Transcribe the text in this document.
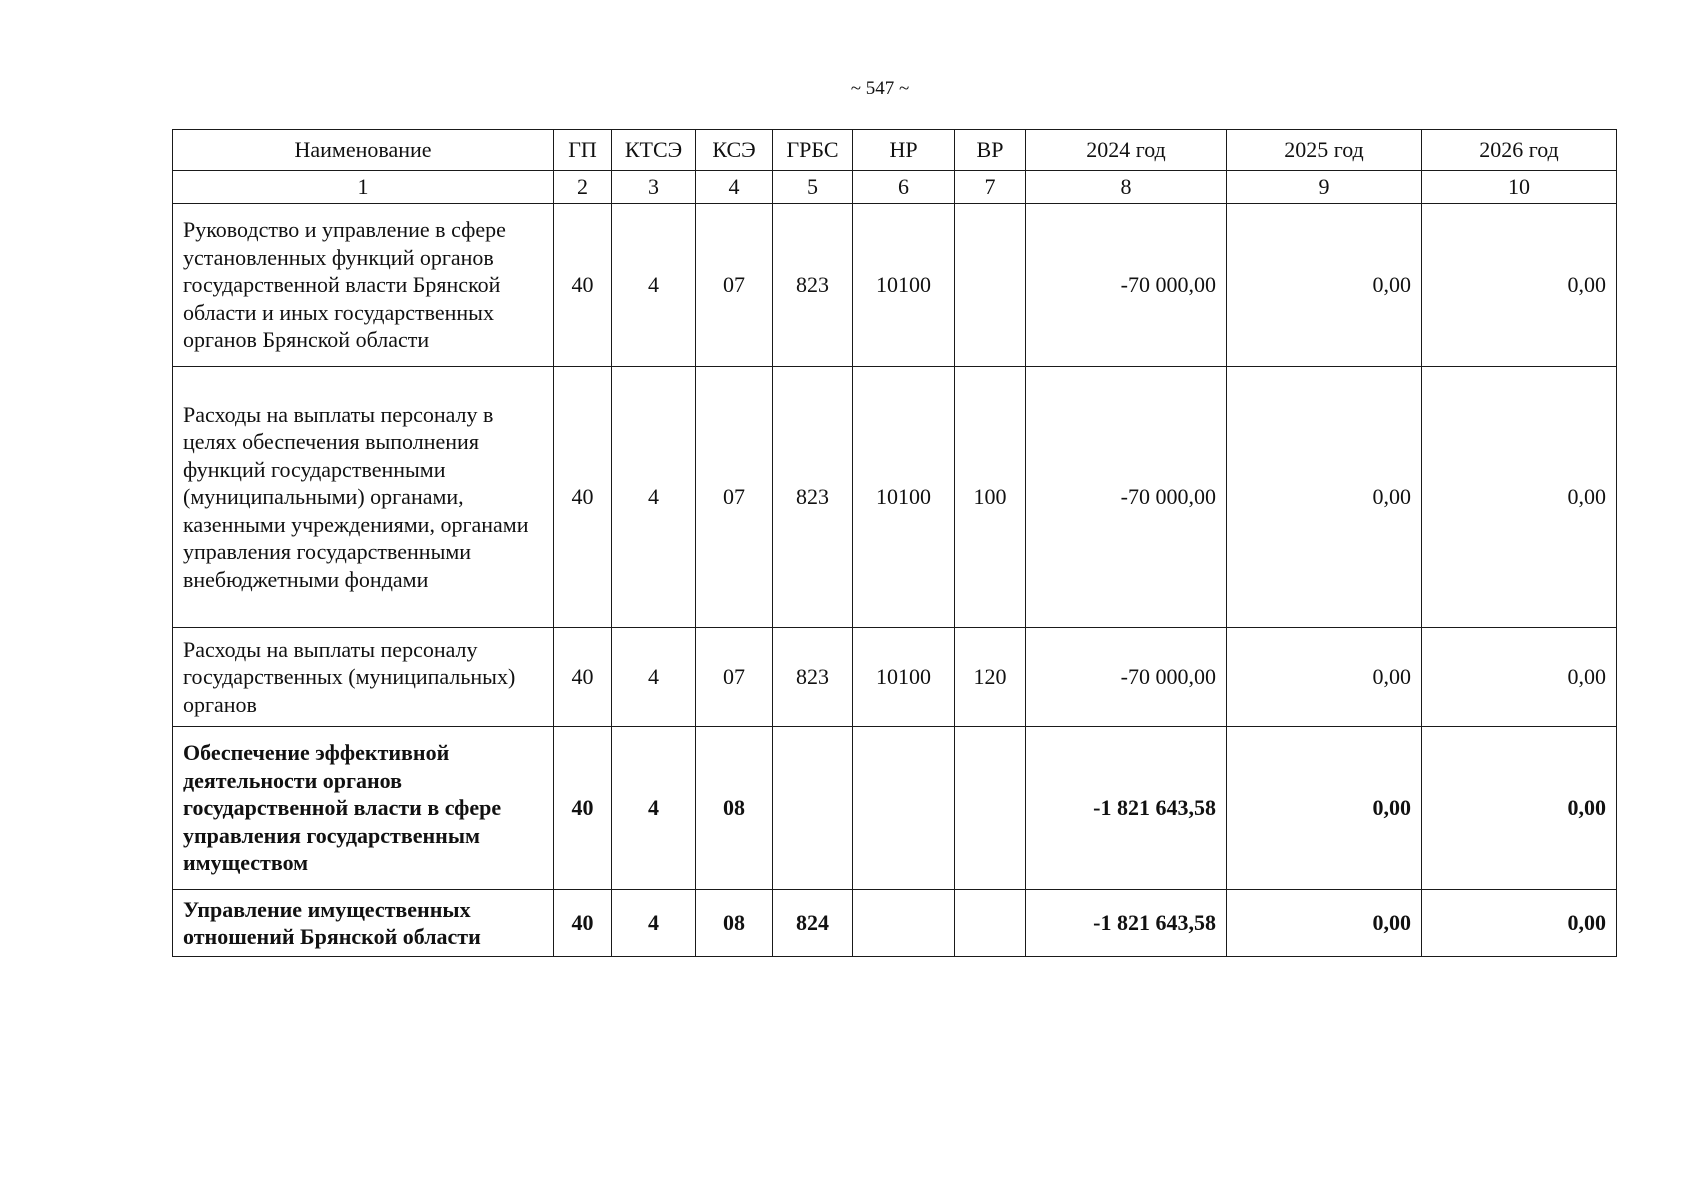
~ 547 ~
Наименование	ГП	КТСЭ	КСЭ	ГРБС	НР	ВР	2024 год	2025 год	2026 год
1	2	3	4	5	6	7	8	9	10
Руководство и управление в сфере установленных функций органов государственной власти Брянской области и иных государственных органов Брянской области	40	4	07	823	10100		-70 000,00	0,00	0,00
Расходы на выплаты персоналу в целях обеспечения выполнения функций государственными (муниципальными) органами, казенными учреждениями, органами управления государственными внебюджетными фондами	40	4	07	823	10100	100	-70 000,00	0,00	0,00
Расходы на выплаты персоналу государственных (муниципальных) органов	40	4	07	823	10100	120	-70 000,00	0,00	0,00
Обеспечение эффективной деятельности органов государственной власти в сфере управления государственным имуществом	40	4	08				-1 821 643,58	0,00	0,00
Управление имущественных отношений Брянской области	40	4	08	824			-1 821 643,58	0,00	0,00
